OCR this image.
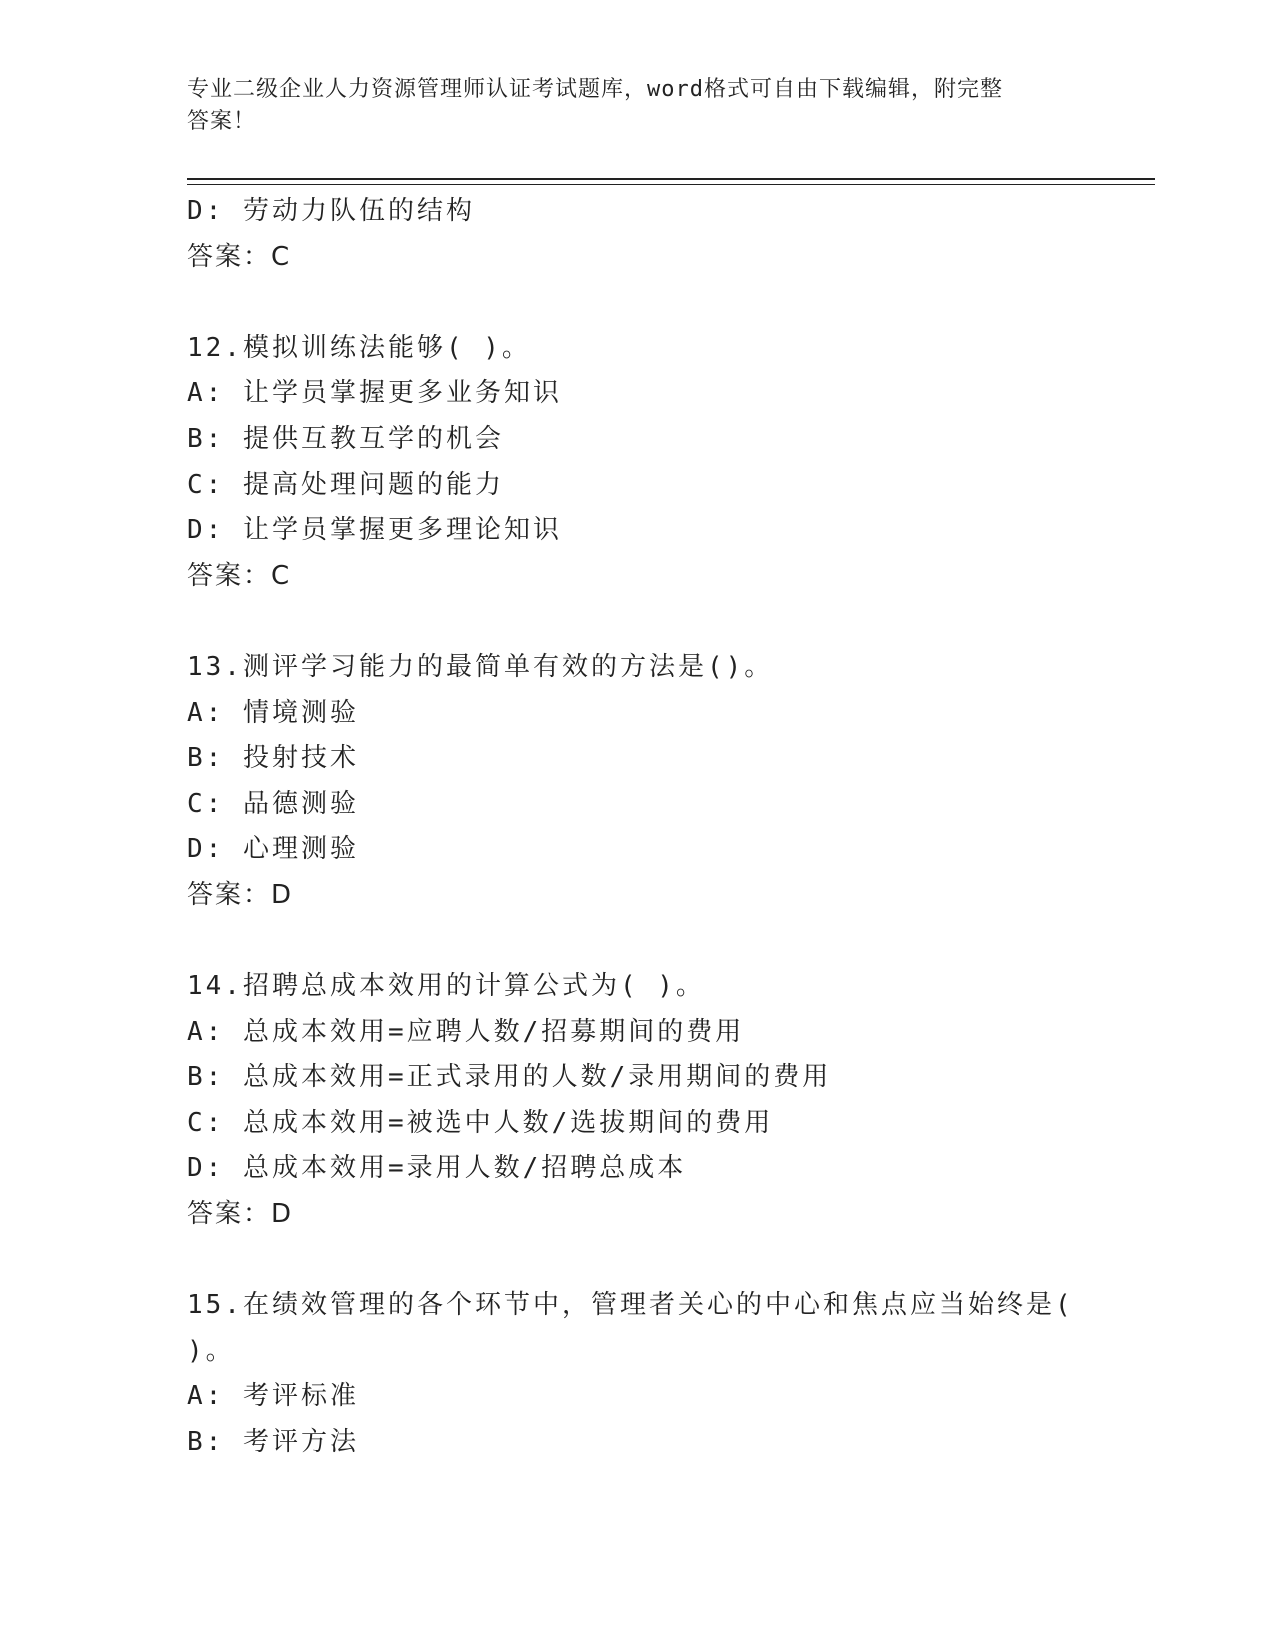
专业二级企业人力资源管理师认证考试题库，word格式可自由下载编辑，附完整
答案！
D: 劳动力队伍的结构
答案：C
12.模拟训练法能够( )。
A: 让学员掌握更多业务知识
B: 提供互教互学的机会
C: 提高处理问题的能力
D: 让学员掌握更多理论知识
答案：C
13.测评学习能力的最简单有效的方法是()。
A: 情境测验
B: 投射技术
C: 品德测验
D: 心理测验
答案：D
14.招聘总成本效用的计算公式为( )。
A: 总成本效用=应聘人数/招募期间的费用
B: 总成本效用=正式录用的人数/录用期间的费用
C: 总成本效用=被选中人数/选拔期间的费用
D: 总成本效用=录用人数/招聘总成本
答案：D
15.在绩效管理的各个环节中，管理者关心的中心和焦点应当始终是(
)。
A: 考评标准
B: 考评方法
